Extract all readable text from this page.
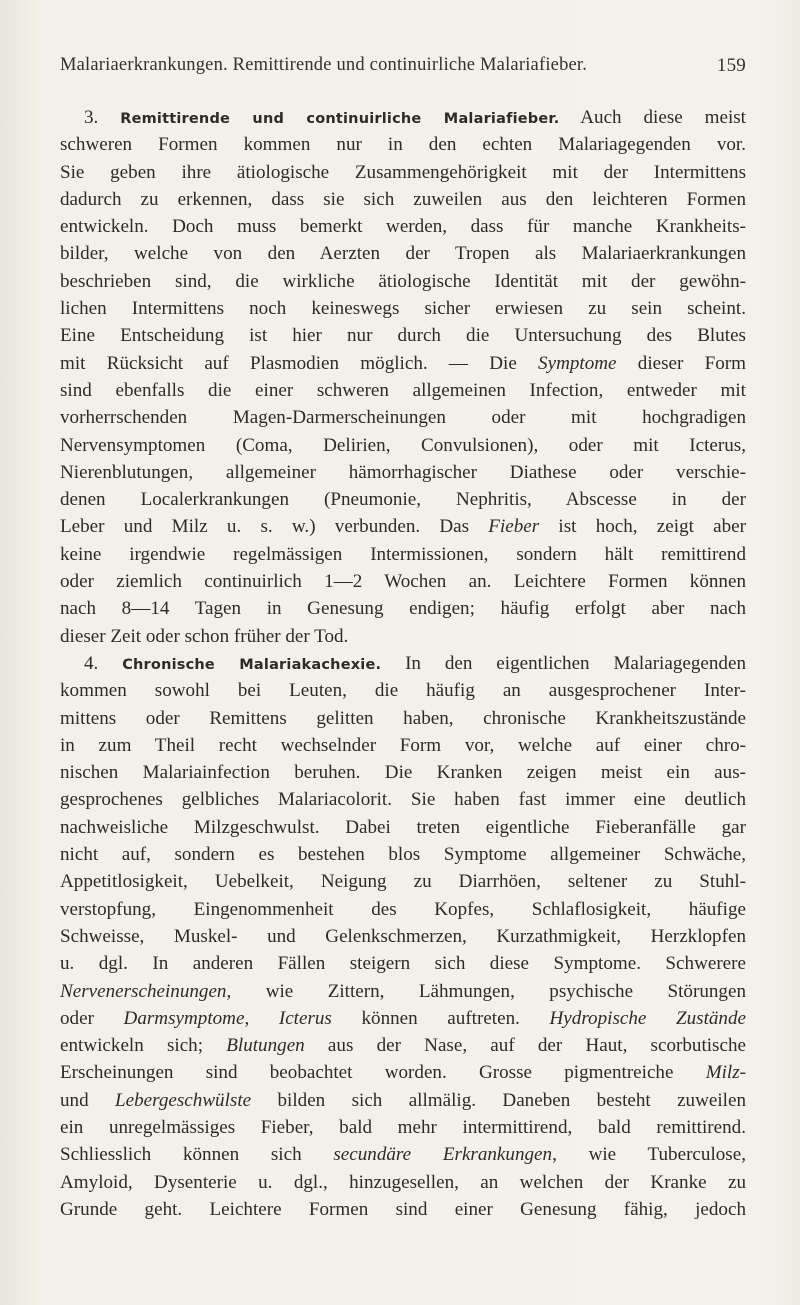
Malariaerkrankungen. Remittirende und continuirliche Malariafieber.	159
3. Remittirende und continuirliche Malariafieber. Auch diese meist
schweren Formen kommen nur in den echten Malariagegenden vor.
Sie geben ihre ätiologische Zusammengehörigkeit mit der Intermittens
dadurch zu erkennen, dass sie sich zuweilen aus den leichteren Formen
entwickeln. Doch muss bemerkt werden, dass für manche Krankheits-
bilder, welche von den Aerzten der Tropen als Malariaerkrankungen
beschrieben sind, die wirkliche ätiologische Identität mit der gewöhn-
lichen Intermittens noch keineswegs sicher erwiesen zu sein scheint.
Eine Entscheidung ist hier nur durch die Untersuchung des Blutes
mit Rücksicht auf Plasmodien möglich. — Die Symptome dieser Form
sind ebenfalls die einer schweren allgemeinen Infection, entweder mit
vorherrschenden Magen-Darmerscheinungen oder mit hochgradigen
Nervensymptomen (Coma, Delirien, Convulsionen), oder mit Icterus,
Nierenblutungen, allgemeiner hämorrhagischer Diathese oder verschie-
denen Localerkrankungen (Pneumonie, Nephritis, Abscesse in der
Leber und Milz u. s. w.) verbunden. Das Fieber ist hoch, zeigt aber
keine irgendwie regelmässigen Intermissionen, sondern hält remittirend
oder ziemlich continuirlich 1—2 Wochen an. Leichtere Formen können
nach 8—14 Tagen in Genesung endigen; häufig erfolgt aber nach
dieser Zeit oder schon früher der Tod.
4. Chronische Malariakachexie. In den eigentlichen Malariagegenden
kommen sowohl bei Leuten, die häufig an ausgesprochener Inter-
mittens oder Remittens gelitten haben, chronische Krankheitszustände
in zum Theil recht wechselnder Form vor, welche auf einer chro-
nischen Malariainfection beruhen. Die Kranken zeigen meist ein aus-
gesprochenes gelbliches Malariacolorit. Sie haben fast immer eine deutlich
nachweisliche Milzgeschwulst. Dabei treten eigentliche Fieberanfälle gar
nicht auf, sondern es bestehen blos Symptome allgemeiner Schwäche,
Appetitlosigkeit, Uebelkeit, Neigung zu Diarrhöen, seltener zu Stuhl-
verstopfung, Eingenommenheit des Kopfes, Schlaflosigkeit, häufige
Schweisse, Muskel- und Gelenkschmerzen, Kurzathmigkeit, Herzklopfen
u. dgl. In anderen Fällen steigern sich diese Symptome. Schwerere
Nervenerscheinungen, wie Zittern, Lähmungen, psychische Störungen
oder Darmsymptome, Icterus können auftreten. Hydropische Zustände
entwickeln sich; Blutungen aus der Nase, auf der Haut, scorbutische
Erscheinungen sind beobachtet worden. Grosse pigmentreiche Milz-
und Lebergeschwülste bilden sich allmälig. Daneben besteht zuweilen
ein unregelmässiges Fieber, bald mehr intermittirend, bald remittirend.
Schliesslich können sich secundäre Erkrankungen, wie Tuberculose,
Amyloid, Dysenterie u. dgl., hinzugesellen, an welchen der Kranke zu
Grunde geht. Leichtere Formen sind einer Genesung fähig, jedoch
